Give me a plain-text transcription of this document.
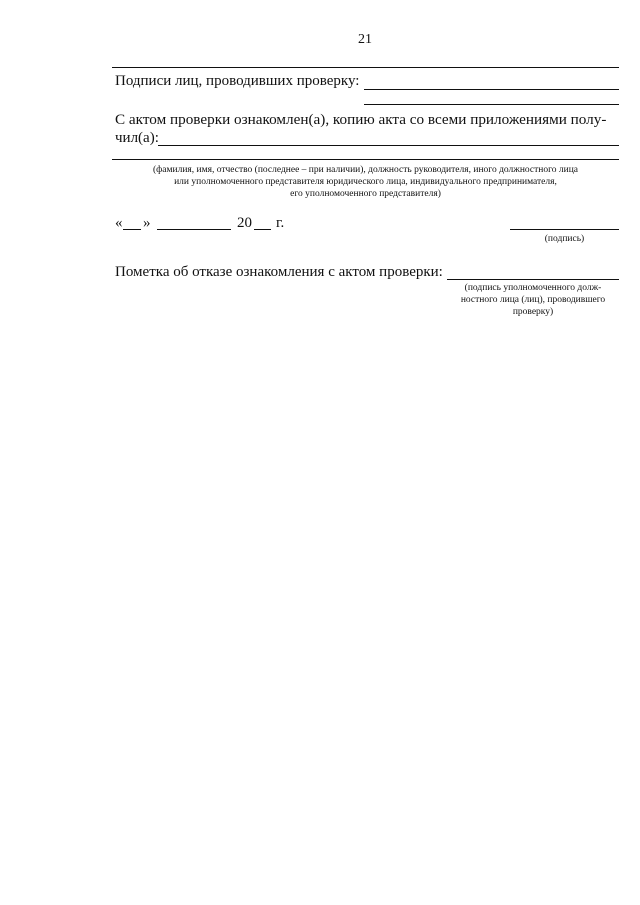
21
Подписи лиц, проводивших проверку:
С актом проверки ознакомлен(а), копию акта со всеми приложениями полу-
чил(а):
(фамилия, имя, отчество (последнее – при наличии), должность руководителя, иного должностного лица
или уполномоченного представителя юридического лица, индивидуального предпринимателя,
его уполномоченного представителя)
« »	20 г.
(подпись)
Пометка об отказе ознакомления с актом проверки:
(подпись уполномоченного долж-
ностного лица (лиц), проводившего
проверку)
